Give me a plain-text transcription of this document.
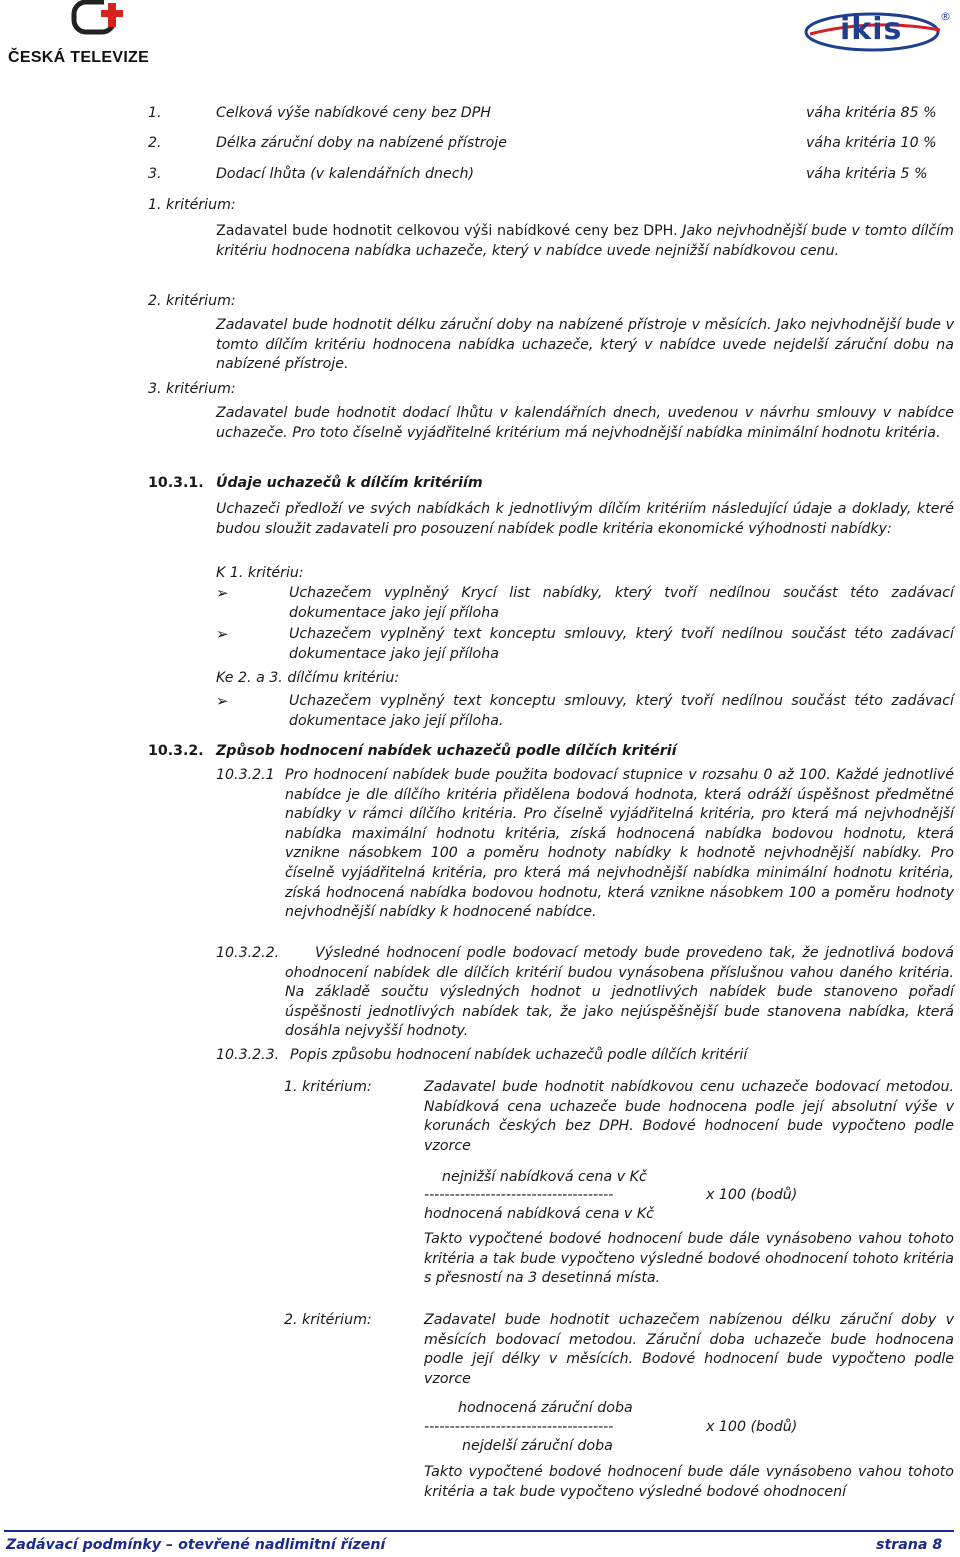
ČESKÁ TELEVIZE
ikis	®
1.	Celková výše nabídkové ceny bez DPH	váha kritéria 85 %
2.	Délka záruční doby na nabízené přístroje	váha kritéria 10 %
3.	Dodací lhůta (v kalendářních dnech)	váha kritéria 5 %
1. kritérium:
Zadavatel bude hodnotit celkovou výši nabídkové ceny bez DPH. Jako nejvhodnější bude v tomto dílčím kritériu hodnocena nabídka uchazeče, který v nabídce uvede nejnižší nabídkovou cenu.
2. kritérium:
Zadavatel bude hodnotit délku záruční doby na nabízené přístroje v měsících. Jako nejvhodnější bude v tomto dílčím kritériu hodnocena nabídka uchazeče, který v nabídce uvede nejdelší záruční dobu na nabízené přístroje.
3. kritérium:
Zadavatel bude hodnotit dodací lhůtu v kalendářních dnech, uvedenou v návrhu smlouvy v nabídce uchazeče. Pro toto číselně vyjádřitelné kritérium má nejvhodnější nabídka minimální hodnotu kritéria.
10.3.1. Údaje uchazečů k dílčím kritériím
Uchazeči předloží ve svých nabídkách k jednotlivým dílčím kritériím následující údaje a doklady, které budou sloužit zadavateli pro posouzení nabídek podle kritéria ekonomické výhodnosti nabídky:
K 1. kritériu:
➢	Uchazečem vyplněný Krycí list nabídky, který tvoří nedílnou součást této zadávací dokumentace jako její příloha
➢	Uchazečem vyplněný text konceptu smlouvy, který tvoří nedílnou součást této zadávací dokumentace jako její příloha
Ke 2. a 3. dílčímu kritériu:
➢	Uchazečem vyplněný text konceptu smlouvy, který tvoří nedílnou součást této zadávací dokumentace jako její příloha.
10.3.2. Způsob hodnocení nabídek uchazečů podle dílčích kritérií
10.3.2.1 Pro hodnocení nabídek bude použita bodovací stupnice v rozsahu 0 až 100. Každé jednotlivé nabídce je dle dílčího kritéria přidělena bodová hodnota, která odráží úspěšnost předmětné nabídky v rámci dílčího kritéria. Pro číselně vyjádřitelná kritéria, pro která má nejvhodnější nabídka maximální hodnotu kritéria, získá hodnocená nabídka bodovou hodnotu, která vznikne násobkem 100 a poměru hodnoty nabídky k hodnotě nejvhodnější nabídky. Pro číselně vyjádřitelná kritéria, pro která má nejvhodnější nabídka minimální hodnotu kritéria, získá hodnocená nabídka bodovou hodnotu, která vznikne násobkem 100 a poměru hodnoty nejvhodnější nabídky k hodnocené nabídce.
10.3.2.2.	Výsledné hodnocení podle bodovací metody bude provedeno tak, že jednotlivá bodová ohodnocení nabídek dle dílčích kritérií budou vynásobena příslušnou vahou daného kritéria. Na základě součtu výsledných hodnot u jednotlivých nabídek bude stanoveno pořadí úspěšnosti jednotlivých nabídek tak, že jako nejúspěšnější bude stanovena nabídka, která dosáhla nejvyšší hodnoty.
10.3.2.3. Popis způsobu hodnocení nabídek uchazečů podle dílčích kritérií
1. kritérium:	Zadavatel bude hodnotit nabídkovou cenu uchazeče bodovací metodou. Nabídková cena uchazeče bude hodnocena podle její absolutní výše v korunách českých bez DPH. Bodové hodnocení bude vypočteno podle vzorce
nejnižší nabídková cena v Kč
-------------------------------------	x 100 (bodů)
hodnocená nabídková cena v Kč
Takto vypočtené bodové hodnocení bude dále vynásobeno vahou tohoto kritéria a tak bude vypočteno výsledné bodové ohodnocení tohoto kritéria s přesností na 3 desetinná místa.
2. kritérium:	Zadavatel bude hodnotit uchazečem nabízenou délku záruční doby v měsících bodovací metodou. Záruční doba uchazeče bude hodnocena podle její délky v měsících. Bodové hodnocení bude vypočteno podle vzorce
hodnocená záruční doba
-------------------------------------	x 100 (bodů)
nejdelší záruční doba
Takto vypočtené bodové hodnocení bude dále vynásobeno vahou tohoto kritéria a tak bude vypočteno výsledné bodové ohodnocení
Zadávací podmínky – otevřené nadlimitní řízení	strana 8
